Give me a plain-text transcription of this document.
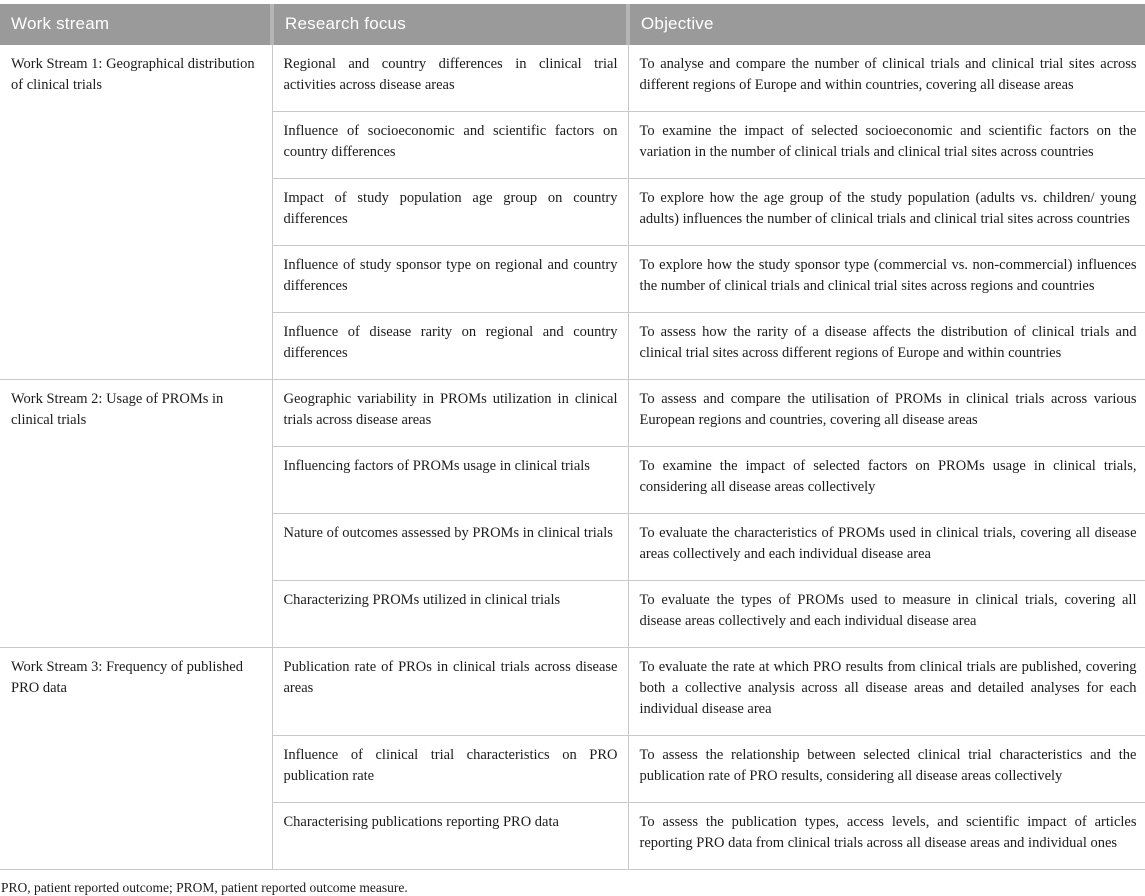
Work stream	Research focus	Objective
Work Stream 1: Geographical distribution of clinical trials	Regional and country differences in clinical trial activities across disease areas	To analyse and compare the number of clinical trials and clinical trial sites across different regions of Europe and within countries, covering all disease areas
	Influence of socioeconomic and scientific factors on country differences	To examine the impact of selected socioeconomic and scientific factors on the variation in the number of clinical trials and clinical trial sites across countries
	Impact of study population age group on country differences	To explore how the age group of the study population (adults vs. children/ young adults) influences the number of clinical trials and clinical trial sites across countries
	Influence of study sponsor type on regional and country differences	To explore how the study sponsor type (commercial vs. non-commercial) influences the number of clinical trials and clinical trial sites across regions and countries
	Influence of disease rarity on regional and country differences	To assess how the rarity of a disease affects the distribution of clinical trials and clinical trial sites across different regions of Europe and within countries
Work Stream 2: Usage of PROMs in clinical trials	Geographic variability in PROMs utilization in clinical trials across disease areas	To assess and compare the utilisation of PROMs in clinical trials across various European regions and countries, covering all disease areas
	Influencing factors of PROMs usage in clinical trials	To examine the impact of selected factors on PROMs usage in clinical trials, considering all disease areas collectively
	Nature of outcomes assessed by PROMs in clinical trials	To evaluate the characteristics of PROMs used in clinical trials, covering all disease areas collectively and each individual disease area
	Characterizing PROMs utilized in clinical trials	To evaluate the types of PROMs used to measure in clinical trials, covering all disease areas collectively and each individual disease area
Work Stream 3: Frequency of published PRO data	Publication rate of PROs in clinical trials across disease areas	To evaluate the rate at which PRO results from clinical trials are published, covering both a collective analysis across all disease areas and detailed analyses for each individual disease area
	Influence of clinical trial characteristics on PRO publication rate	To assess the relationship between selected clinical trial characteristics and the publication rate of PRO results, considering all disease areas collectively
	Characterising publications reporting PRO data	To assess the publication types, access levels, and scientific impact of articles reporting PRO data from clinical trials across all disease areas and individual ones

PRO, patient reported outcome; PROM, patient reported outcome measure.
